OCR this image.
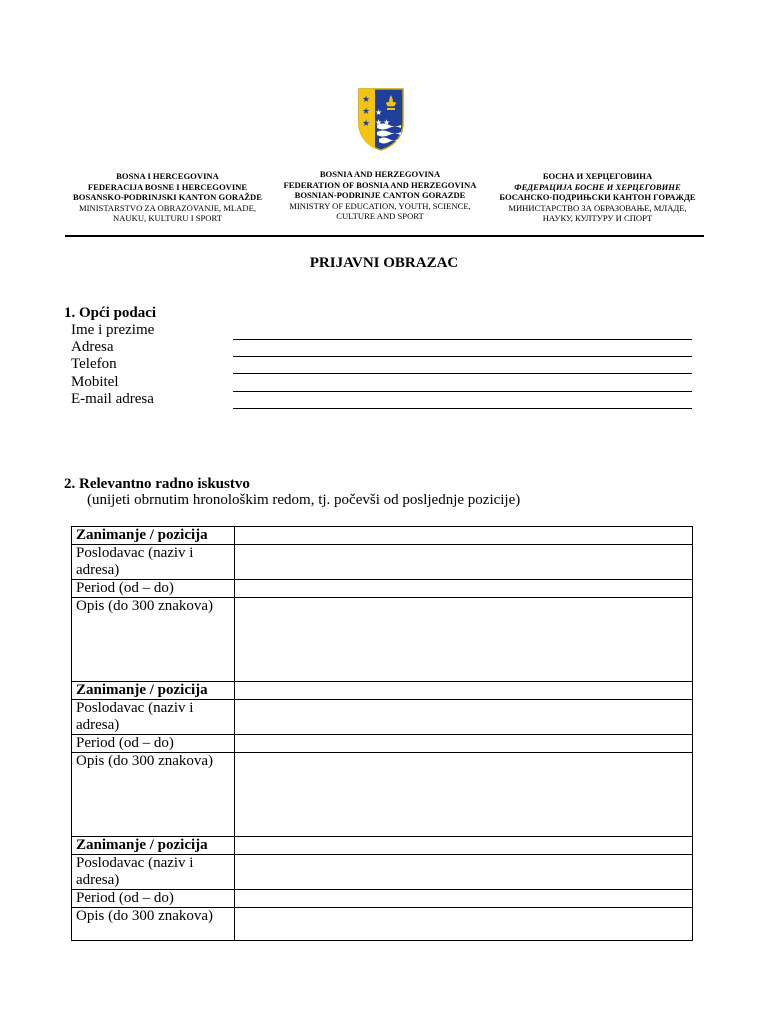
★
★
★
★
★ ★
BOSNA I HERCEGOVINA
FEDERACIJA BOSNE I HERCEGOVINE
BOSANSKO-PODRINJSKI KANTON GORAŽDE
MINISTARSTVO ZA OBRAZOVANJE, MLADE,
NAUKU, KULTURU I SPORT
BOSNIA AND HERZEGOVINA
FEDERATION OF BOSNIA AND HERZEGOVINA
BOSNIAN-PODRINJE CANTON GORAZDE
MINISTRY OF EDUCATION, YOUTH, SCIENCE,
CULTURE AND SPORT
БОСНА И ХЕРЦЕГОВИНА
ФЕДЕРАЦИЈА БОСНЕ И ХЕРЦЕГОВИНЕ
БОСАНСКО-ПОДРИЊСКИ КАНТОН ГОРАЖДЕ
МИНИСТАРСТВО ЗА ОБРАЗОВАЊЕ, МЛАДЕ,
НАУКУ, КУЛТУРУ И СПОРТ
PRIJAVNI OBRAZAC
1. Opći podaci
Ime i prezime
Adresa
Telefon
Mobitel
E-mail adresa
2. Relevantno radno iskustvo
(unijeti obrnutim hronološkim redom, tj. počevši od posljednje pozicije)
Zanimanje / pozicija	
Poslodavac (naziv i adresa)	
Period (od – do)	
Opis (do 300 znakova)	
Zanimanje / pozicija	
Poslodavac (naziv i adresa)	
Period (od – do)	
Opis (do 300 znakova)	
Zanimanje / pozicija	
Poslodavac (naziv i adresa)	
Period (od – do)	
Opis (do 300 znakova)	
